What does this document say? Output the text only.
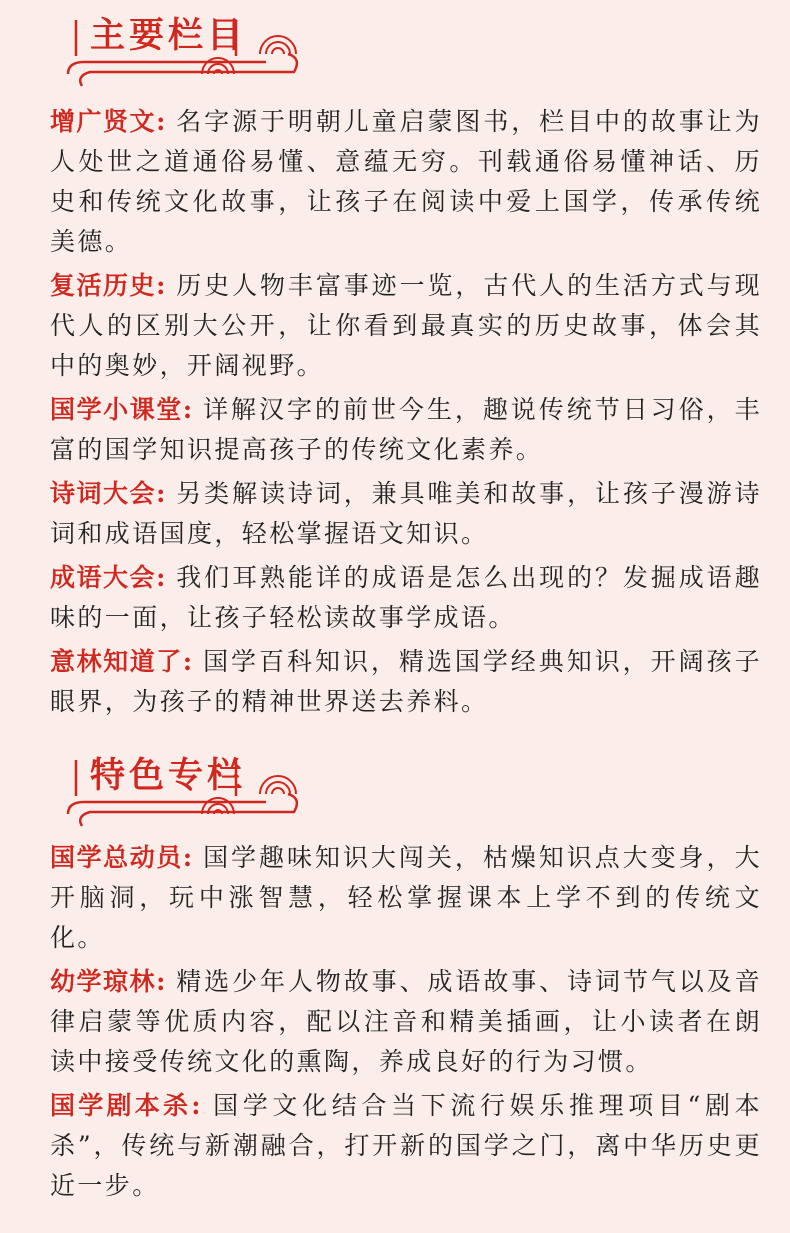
主要栏目

增广贤文: 名字源于明朝儿童启蒙图书，栏目中的故事让为人处世之道通俗易懂、意蕴无穷。刊载通俗易懂神话、历史和传统文化故事，让孩子在阅读中爱上国学，传承传统美德。

复活历史: 历史人物丰富事迹一览，古代人的生活方式与现代人的区别大公开，让你看到最真实的历史故事，体会其中的奥妙，开阔视野。

国学小课堂: 详解汉字的前世今生，趣说传统节日习俗，丰富的国学知识提高孩子的传统文化素养。

诗词大会: 另类解读诗词，兼具唯美和故事，让孩子漫游诗词和成语国度，轻松掌握语文知识。

成语大会: 我们耳熟能详的成语是怎么出现的？发掘成语趣味的一面，让孩子轻松读故事学成语。

意林知道了: 国学百科知识，精选国学经典知识，开阔孩子眼界，为孩子的精神世界送去养料。

特色专栏

国学总动员: 国学趣味知识大闯关，枯燥知识点大变身，大开脑洞，玩中涨智慧，轻松掌握课本上学不到的传统文化。

幼学琼林: 精选少年人物故事、成语故事、诗词节气以及音律启蒙等优质内容，配以注音和精美插画，让小读者在朗读中接受传统文化的熏陶，养成良好的行为习惯。

国学剧本杀: 国学文化结合当下流行娱乐推理项目“剧本杀”，传统与新潮融合，打开新的国学之门，离中华历史更近一步。
